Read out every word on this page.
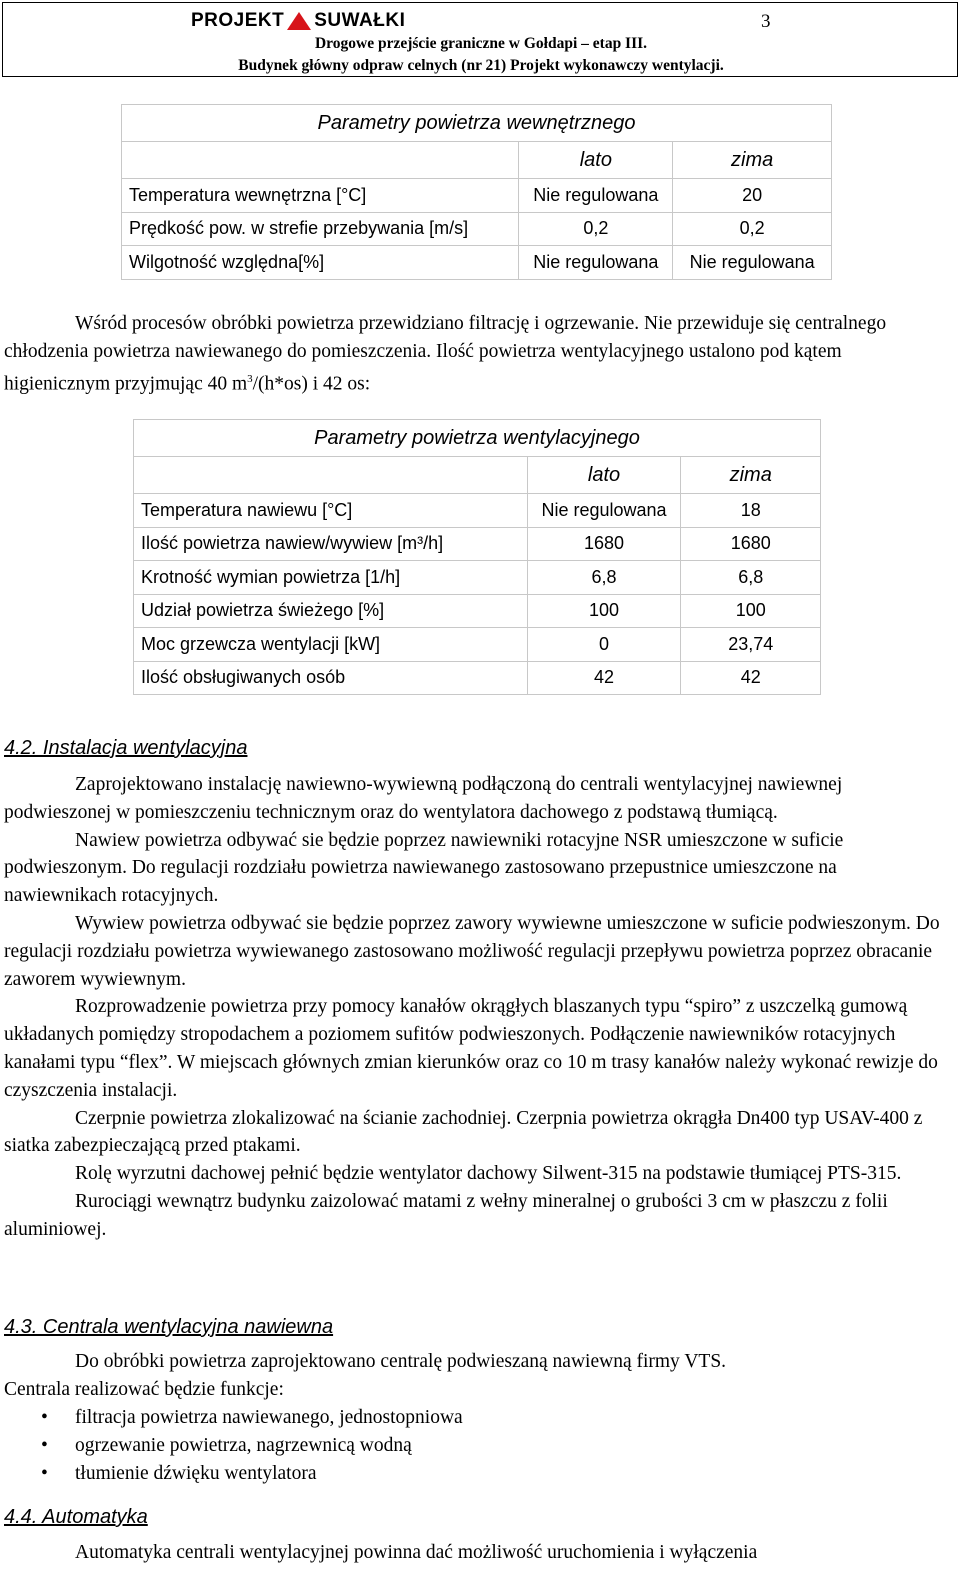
PROJEKT SUWAŁKI	3
Drogowe przejście graniczne w Gołdapi – etap III.
Budynek główny odpraw celnych (nr 21) Projekt wykonawczy wentylacji.
Parametry powietrza wewnętrznego		
	lato	zima
Temperatura wewnętrzna [°C]	Nie regulowana	20
Prędkość pow. w strefie przebywania [m/s]	0,2	0,2
Wilgotność względna[%]	Nie regulowana	Nie regulowana

Wśród procesów obróbki powietrza przewidziano filtrację i ogrzewanie. Nie przewiduje się centralnego chłodzenia powietrza nawiewanego do pomieszczenia. Ilość powietrza wentylacyjnego ustalono pod kątem higienicznym przyjmując 40 $m^3/(h*os)$ i 42 os:

Parametry powietrza wentylacyjnego		
	lato	zima
Temperatura nawiewu [°C]	Nie regulowana	18
Ilość powietrza nawiew/wywiew [m³/h]	1680	1680
Krotność wymian powietrza [1/h]	6,8	6,8
Udział powietrza świeżego [%]	100	100
Moc grzewcza wentylacji [kW]	0	23,74
Ilość obsługiwanych osób	42	42
4.2. Instalacja wentylacyjna

Zaprojektowano instalację nawiewno-wywiewną podłączoną do centrali wentylacyjnej nawiewnej podwieszonej w pomieszczeniu technicznym oraz do wentylatora dachowego z podstawą tłumiącą.

Nawiew powietrza odbywać sie będzie poprzez nawiewniki rotacyjne NSR umieszczone w suficie podwieszonym. Do regulacji rozdziału powietrza nawiewanego zastosowano przepustnice umieszczone na nawiewnikach rotacyjnych.

Wywiew powietrza odbywać sie będzie poprzez zawory wywiewne umieszczone w suficie podwieszonym. Do regulacji rozdziału powietrza wywiewanego zastosowano możliwość regulacji przepływu powietrza poprzez obracanie zaworem wywiewnym.

Rozprowadzenie powietrza przy pomocy kanałów okrągłych blaszanych typu “spiro” z uszczelką gumową układanych pomiędzy stropodachem a poziomem sufitów podwieszonych. Podłączenie nawiewników rotacyjnych kanałami typu “flex”. W miejscach głównych zmian kierunków oraz co 10 m trasy kanałów należy wykonać rewizje do czyszczenia instalacji.

Czerpnie powietrza zlokalizować na ścianie zachodniej. Czerpnia powietrza okrągła Dn400 typ USAV-400 z siatka zabezpieczającą przed ptakami.

Rolę wyrzutni dachowej pełnić będzie wentylator dachowy Silwent-315 na podstawie tłumiącej PTS-315.

Rurociągi wewnątrz budynku zaizolować matami z wełny mineralnej o grubości 3 cm w płaszczu z folii aluminiowej.

4.3. Centrala wentylacyjna nawiewna

Do obróbki powietrza zaprojektowano centralę podwieszaną nawiewną firmy VTS.

Centrala realizować będzie funkcje:
• filtracja powietrza nawiewanego, jednostopniowa
• ogrzewanie powietrza, nagrzewnicą wodną
• tłumienie dźwięku wentylatora
4.4. Automatyka

Automatyka centrali wentylacyjnej powinna dać możliwość uruchomienia i wyłączenia
